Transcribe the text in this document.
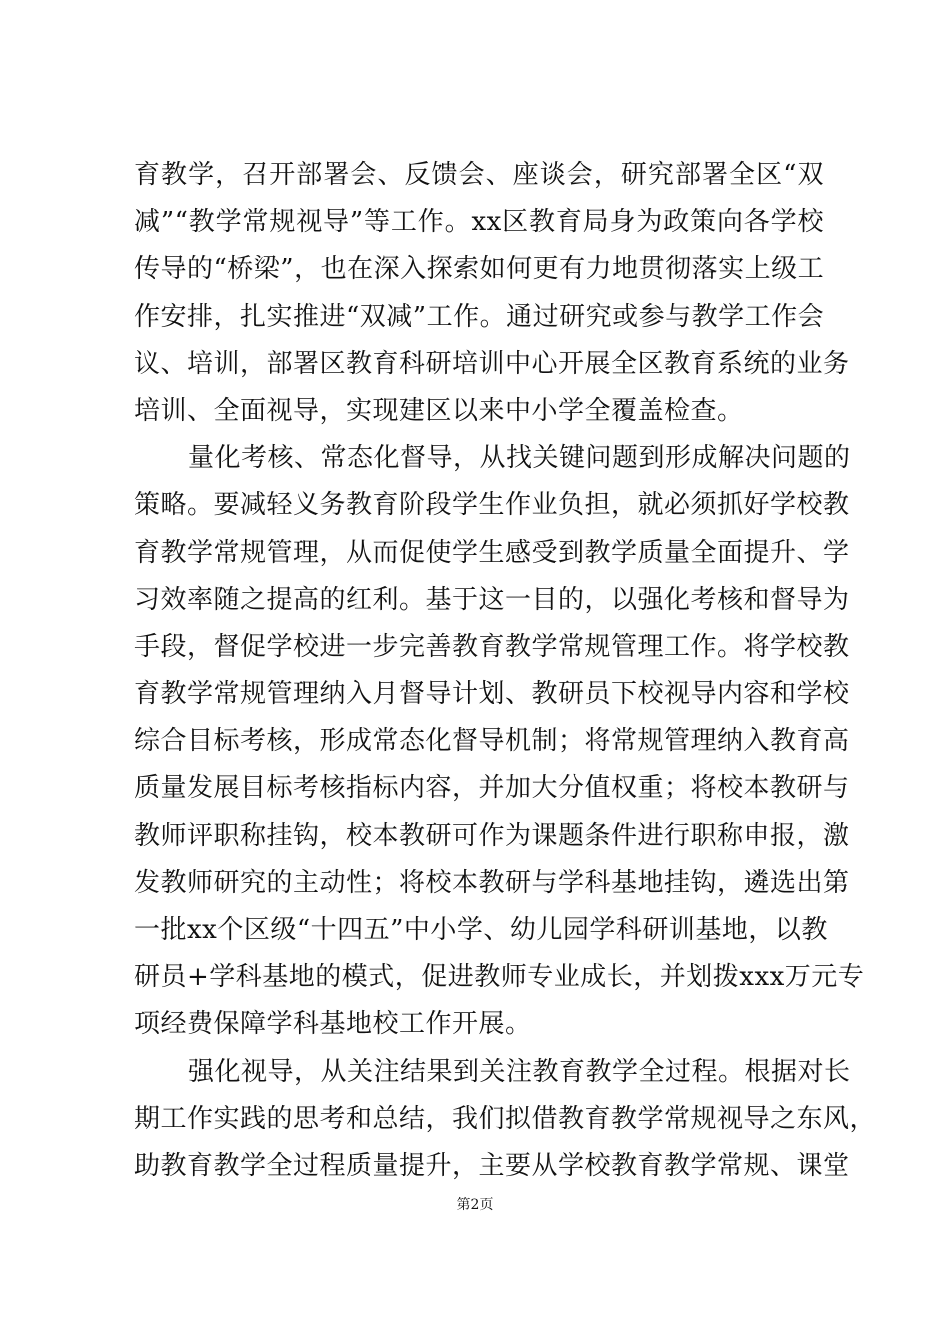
育教学，召开部署会、反馈会、座谈会，研究部署全区“双
减”“教学常规视导”等工作。xx区教育局身为政策向各学校
传导的“桥梁”，也在深入探索如何更有力地贯彻落实上级工
作安排，扎实推进“双减”工作。通过研究或参与教学工作会
议、培训，部署区教育科研培训中心开展全区教育系统的业务
培训、全面视导，实现建区以来中小学全覆盖检查。

量化考核、常态化督导，从找关键问题到形成解决问题的
策略。要减轻义务教育阶段学生作业负担，就必须抓好学校教
育教学常规管理，从而促使学生感受到教学质量全面提升、学
习效率随之提高的红利。基于这一目的，以强化考核和督导为
手段，督促学校进一步完善教育教学常规管理工作。将学校教
育教学常规管理纳入月督导计划、教研员下校视导内容和学校
综合目标考核，形成常态化督导机制；将常规管理纳入教育高
质量发展目标考核指标内容，并加大分值权重；将校本教研与
教师评职称挂钩，校本教研可作为课题条件进行职称申报，激
发教师研究的主动性；将校本教研与学科基地挂钩，遴选出第
一批xx个区级“十四五”中小学、幼儿园学科研训基地，以教
研员+学科基地的模式，促进教师专业成长，并划拨xxx万元专
项经费保障学科基地校工作开展。

强化视导，从关注结果到关注教育教学全过程。根据对长
期工作实践的思考和总结，我们拟借教育教学常规视导之东风，
助教育教学全过程质量提升，主要从学校教育教学常规、课堂

第2页
